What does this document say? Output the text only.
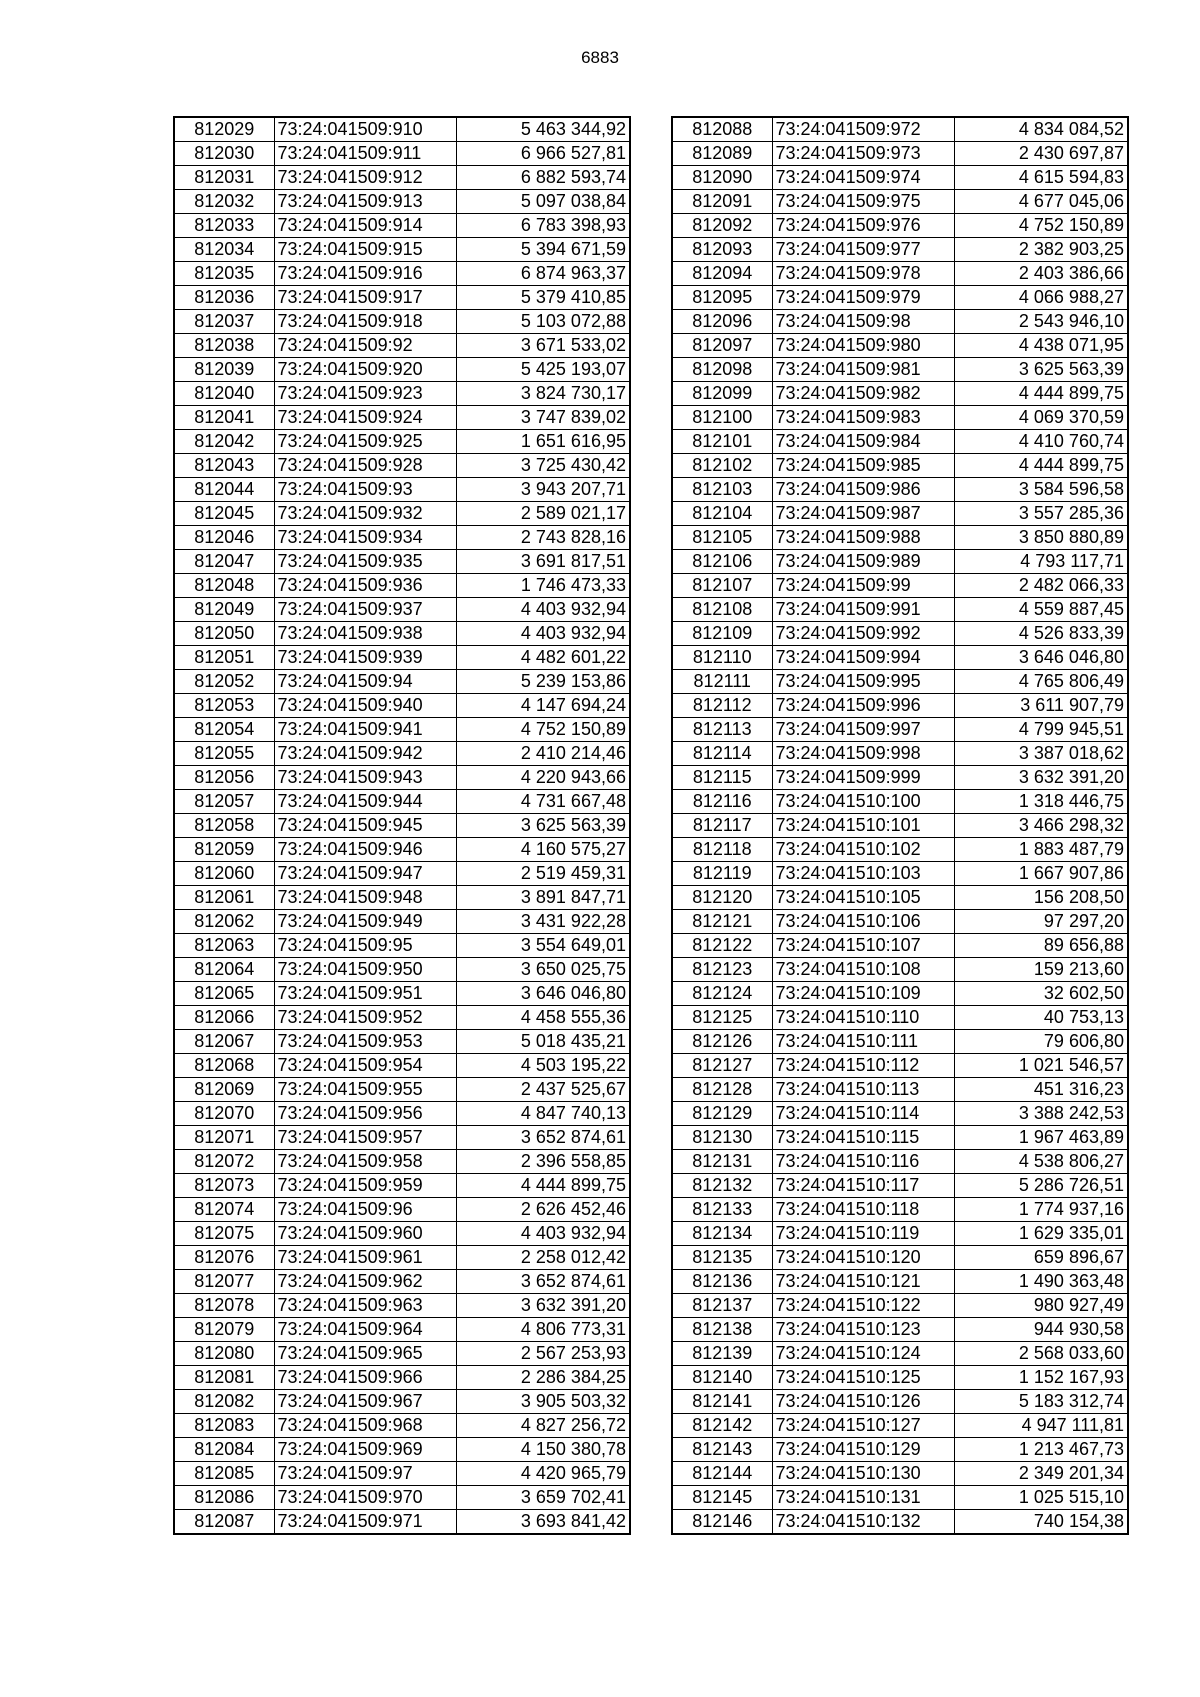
6883
812029	73:24:041509:910	5 463 344,92
812030	73:24:041509:911	6 966 527,81
812031	73:24:041509:912	6 882 593,74
812032	73:24:041509:913	5 097 038,84
812033	73:24:041509:914	6 783 398,93
812034	73:24:041509:915	5 394 671,59
812035	73:24:041509:916	6 874 963,37
812036	73:24:041509:917	5 379 410,85
812037	73:24:041509:918	5 103 072,88
812038	73:24:041509:92	3 671 533,02
812039	73:24:041509:920	5 425 193,07
812040	73:24:041509:923	3 824 730,17
812041	73:24:041509:924	3 747 839,02
812042	73:24:041509:925	1 651 616,95
812043	73:24:041509:928	3 725 430,42
812044	73:24:041509:93	3 943 207,71
812045	73:24:041509:932	2 589 021,17
812046	73:24:041509:934	2 743 828,16
812047	73:24:041509:935	3 691 817,51
812048	73:24:041509:936	1 746 473,33
812049	73:24:041509:937	4 403 932,94
812050	73:24:041509:938	4 403 932,94
812051	73:24:041509:939	4 482 601,22
812052	73:24:041509:94	5 239 153,86
812053	73:24:041509:940	4 147 694,24
812054	73:24:041509:941	4 752 150,89
812055	73:24:041509:942	2 410 214,46
812056	73:24:041509:943	4 220 943,66
812057	73:24:041509:944	4 731 667,48
812058	73:24:041509:945	3 625 563,39
812059	73:24:041509:946	4 160 575,27
812060	73:24:041509:947	2 519 459,31
812061	73:24:041509:948	3 891 847,71
812062	73:24:041509:949	3 431 922,28
812063	73:24:041509:95	3 554 649,01
812064	73:24:041509:950	3 650 025,75
812065	73:24:041509:951	3 646 046,80
812066	73:24:041509:952	4 458 555,36
812067	73:24:041509:953	5 018 435,21
812068	73:24:041509:954	4 503 195,22
812069	73:24:041509:955	2 437 525,67
812070	73:24:041509:956	4 847 740,13
812071	73:24:041509:957	3 652 874,61
812072	73:24:041509:958	2 396 558,85
812073	73:24:041509:959	4 444 899,75
812074	73:24:041509:96	2 626 452,46
812075	73:24:041509:960	4 403 932,94
812076	73:24:041509:961	2 258 012,42
812077	73:24:041509:962	3 652 874,61
812078	73:24:041509:963	3 632 391,20
812079	73:24:041509:964	4 806 773,31
812080	73:24:041509:965	2 567 253,93
812081	73:24:041509:966	2 286 384,25
812082	73:24:041509:967	3 905 503,32
812083	73:24:041509:968	4 827 256,72
812084	73:24:041509:969	4 150 380,78
812085	73:24:041509:97	4 420 965,79
812086	73:24:041509:970	3 659 702,41
812087	73:24:041509:971	3 693 841,42
812088	73:24:041509:972	4 834 084,52
812089	73:24:041509:973	2 430 697,87
812090	73:24:041509:974	4 615 594,83
812091	73:24:041509:975	4 677 045,06
812092	73:24:041509:976	4 752 150,89
812093	73:24:041509:977	2 382 903,25
812094	73:24:041509:978	2 403 386,66
812095	73:24:041509:979	4 066 988,27
812096	73:24:041509:98	2 543 946,10
812097	73:24:041509:980	4 438 071,95
812098	73:24:041509:981	3 625 563,39
812099	73:24:041509:982	4 444 899,75
812100	73:24:041509:983	4 069 370,59
812101	73:24:041509:984	4 410 760,74
812102	73:24:041509:985	4 444 899,75
812103	73:24:041509:986	3 584 596,58
812104	73:24:041509:987	3 557 285,36
812105	73:24:041509:988	3 850 880,89
812106	73:24:041509:989	4 793 117,71
812107	73:24:041509:99	2 482 066,33
812108	73:24:041509:991	4 559 887,45
812109	73:24:041509:992	4 526 833,39
812110	73:24:041509:994	3 646 046,80
812111	73:24:041509:995	4 765 806,49
812112	73:24:041509:996	3 611 907,79
812113	73:24:041509:997	4 799 945,51
812114	73:24:041509:998	3 387 018,62
812115	73:24:041509:999	3 632 391,20
812116	73:24:041510:100	1 318 446,75
812117	73:24:041510:101	3 466 298,32
812118	73:24:041510:102	1 883 487,79
812119	73:24:041510:103	1 667 907,86
812120	73:24:041510:105	156 208,50
812121	73:24:041510:106	97 297,20
812122	73:24:041510:107	89 656,88
812123	73:24:041510:108	159 213,60
812124	73:24:041510:109	32 602,50
812125	73:24:041510:110	40 753,13
812126	73:24:041510:111	79 606,80
812127	73:24:041510:112	1 021 546,57
812128	73:24:041510:113	451 316,23
812129	73:24:041510:114	3 388 242,53
812130	73:24:041510:115	1 967 463,89
812131	73:24:041510:116	4 538 806,27
812132	73:24:041510:117	5 286 726,51
812133	73:24:041510:118	1 774 937,16
812134	73:24:041510:119	1 629 335,01
812135	73:24:041510:120	659 896,67
812136	73:24:041510:121	1 490 363,48
812137	73:24:041510:122	980 927,49
812138	73:24:041510:123	944 930,58
812139	73:24:041510:124	2 568 033,60
812140	73:24:041510:125	1 152 167,93
812141	73:24:041510:126	5 183 312,74
812142	73:24:041510:127	4 947 111,81
812143	73:24:041510:129	1 213 467,73
812144	73:24:041510:130	2 349 201,34
812145	73:24:041510:131	1 025 515,10
812146	73:24:041510:132	740 154,38
